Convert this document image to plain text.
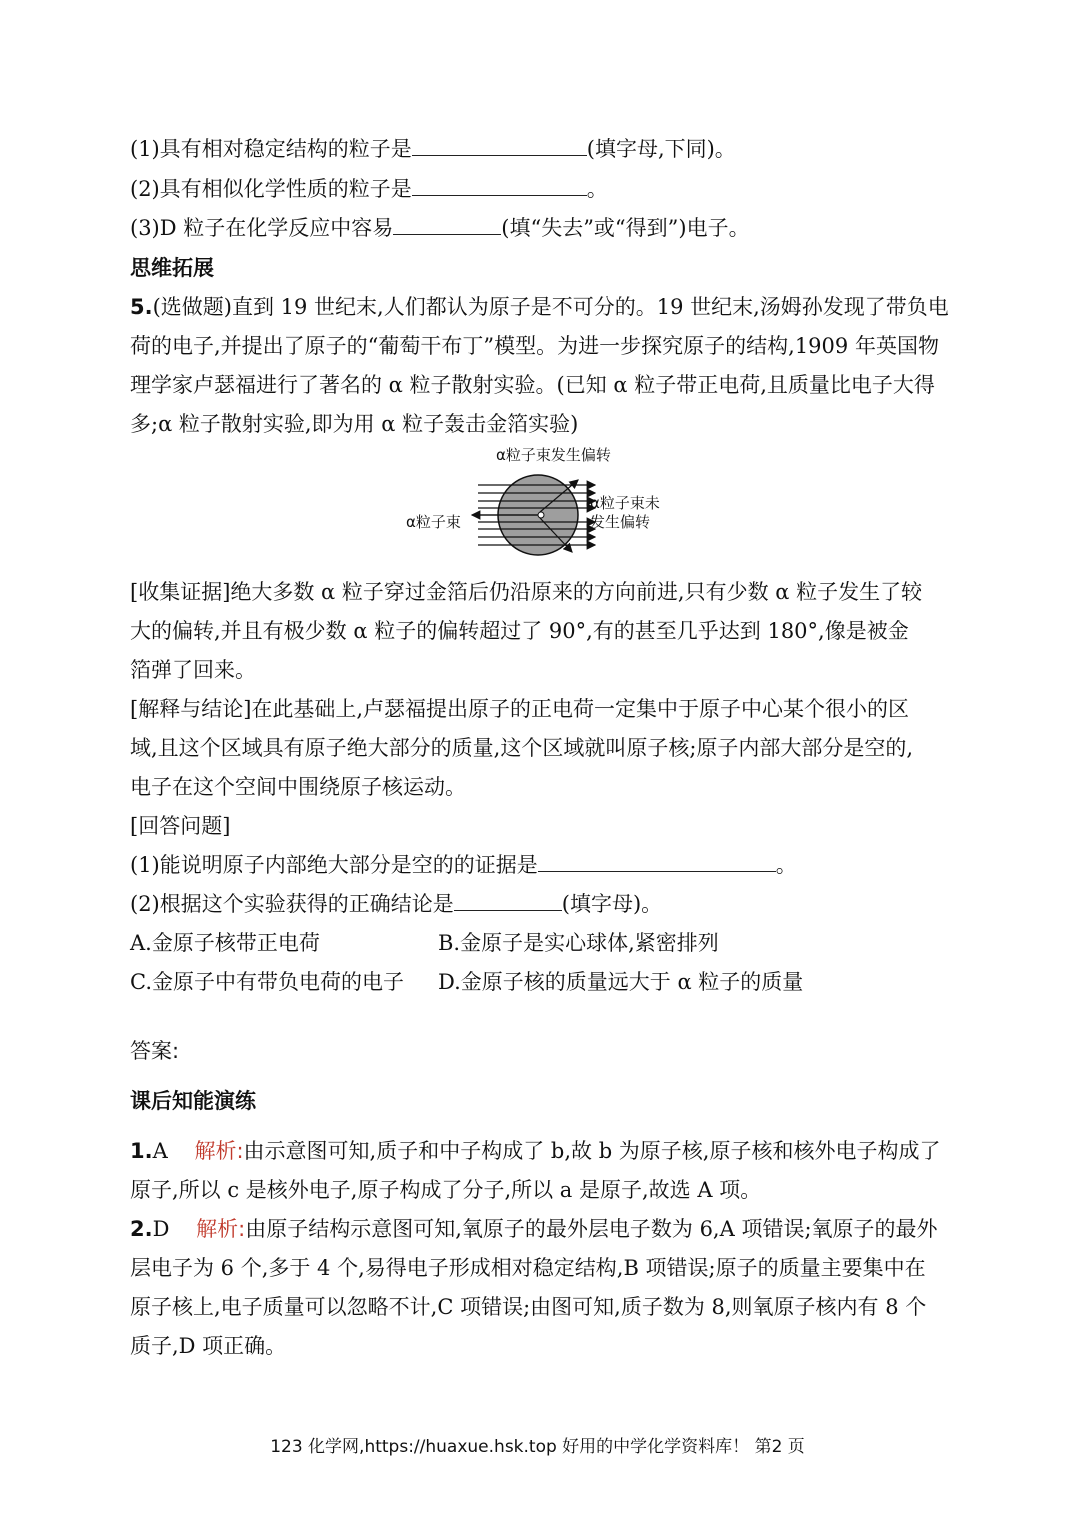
(1)具有相对稳定结构的粒子是	(填字母,下同)。
(2)具有相似化学性质的粒子是	。
(3)D 粒子在化学反应中容易	(填“失去”或“得到”)电子。
思维拓展
5.(选做题)直到 19 世纪末,人们都认为原子是不可分的。19 世纪末,汤姆孙发现了带负电
荷的电子,并提出了原子的“葡萄干布丁”模型。为进一步探究原子的结构,1909 年英国物
理学家卢瑟福进行了著名的 α 粒子散射实验。(已知 α 粒子带正电荷,且质量比电子大得
多;α 粒子散射实验,即为用 α 粒子轰击金箔实验)
α粒子束发生偏转
α粒子束未
发生偏转
α粒子束
[收集证据]绝大多数 α 粒子穿过金箔后仍沿原来的方向前进,只有少数 α 粒子发生了较
大的偏转,并且有极少数 α 粒子的偏转超过了 90°,有的甚至几乎达到 180°,像是被金
箔弹了回来。
[解释与结论]在此基础上,卢瑟福提出原子的正电荷一定集中于原子中心某个很小的区
域,且这个区域具有原子绝大部分的质量,这个区域就叫原子核;原子内部大部分是空的,
电子在这个空间中围绕原子核运动。
[回答问题]
(1)能说明原子内部绝大部分是空的的证据是	。
(2)根据这个实验获得的正确结论是	(填字母)。
A.金原子核带正电荷	B.金原子是实心球体,紧密排列
C.金原子中有带负电荷的电子 D.金原子核的质量远大于 α 粒子的质量
答案:
课后知能演练
1.A 解析:由示意图可知,质子和中子构成了 b,故 b 为原子核,原子核和核外电子构成了
原子,所以 c 是核外电子,原子构成了分子,所以 a 是原子,故选 A 项。
2.D 解析:由原子结构示意图可知,氧原子的最外层电子数为 6,A 项错误;氧原子的最外
层电子为 6 个,多于 4 个,易得电子形成相对稳定结构,B 项错误;原子的质量主要集中在
原子核上,电子质量可以忽略不计,C 项错误;由图可知,质子数为 8,则氧原子核内有 8 个
质子,D 项正确。
123 化学网,https://huaxue.hsk.top 好用的中学化学资料库！ 第2 页
